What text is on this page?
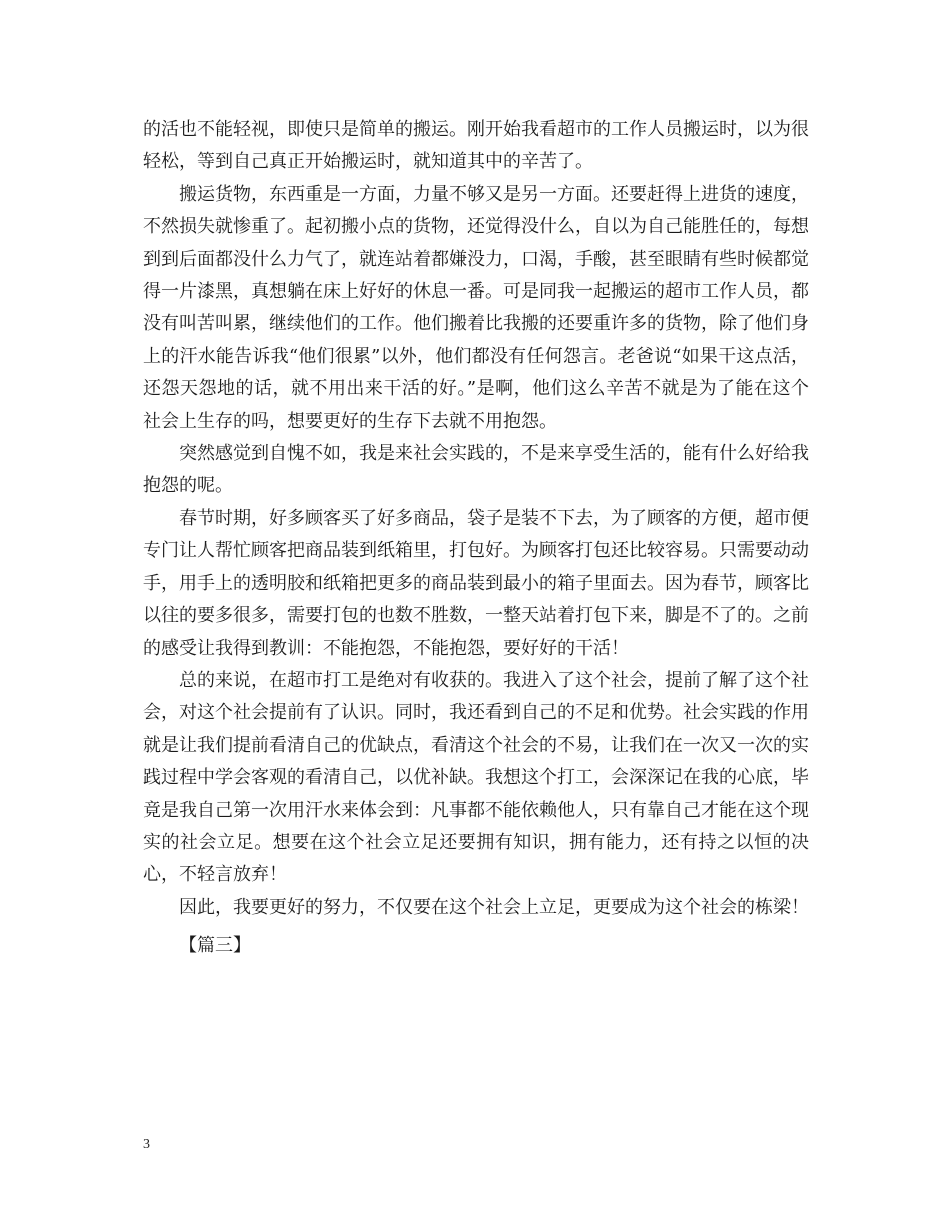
的活也不能轻视，即使只是简单的搬运。刚开始我看超市的工作人员搬运时，以为很轻松，等到自己真正开始搬运时，就知道其中的辛苦了。

搬运货物，东西重是一方面，力量不够又是另一方面。还要赶得上进货的速度，不然损失就惨重了。起初搬小点的货物，还觉得没什么，自以为自己能胜任的，每想到到后面都没什么力气了，就连站着都嫌没力，口渴，手酸，甚至眼睛有些时候都觉得一片漆黑，真想躺在床上好好的休息一番。可是同我一起搬运的超市工作人员，都没有叫苦叫累，继续他们的工作。他们搬着比我搬的还要重许多的货物，除了他们身上的汗水能告诉我“他们很累”以外，他们都没有任何怨言。老爸说“如果干这点活，还怨天怨地的话，就不用出来干活的好。”是啊，他们这么辛苦不就是为了能在这个社会上生存的吗，想要更好的生存下去就不用抱怨。

突然感觉到自愧不如，我是来社会实践的，不是来享受生活的，能有什么好给我抱怨的呢。

春节时期，好多顾客买了好多商品，袋子是装不下去，为了顾客的方便，超市便专门让人帮忙顾客把商品装到纸箱里，打包好。为顾客打包还比较容易。只需要动动手，用手上的透明胶和纸箱把更多的商品装到最小的箱子里面去。因为春节，顾客比以往的要多很多，需要打包的也数不胜数，一整天站着打包下来，脚是不了的。之前的感受让我得到教训：不能抱怨，不能抱怨，要好好的干活！

总的来说，在超市打工是绝对有收获的。我进入了这个社会，提前了解了这个社会，对这个社会提前有了认识。同时，我还看到自己的不足和优势。社会实践的作用就是让我们提前看清自己的优缺点，看清这个社会的不易，让我们在一次又一次的实践过程中学会客观的看清自己，以优补缺。我想这个打工，会深深记在我的心底，毕竟是我自己第一次用汗水来体会到：凡事都不能依赖他人，只有靠自己才能在这个现实的社会立足。想要在这个社会立足还要拥有知识，拥有能力，还有持之以恒的决心，不轻言放弃！

因此，我要更好的努力，不仅要在这个社会上立足，更要成为这个社会的栋梁！

【篇三】

3
